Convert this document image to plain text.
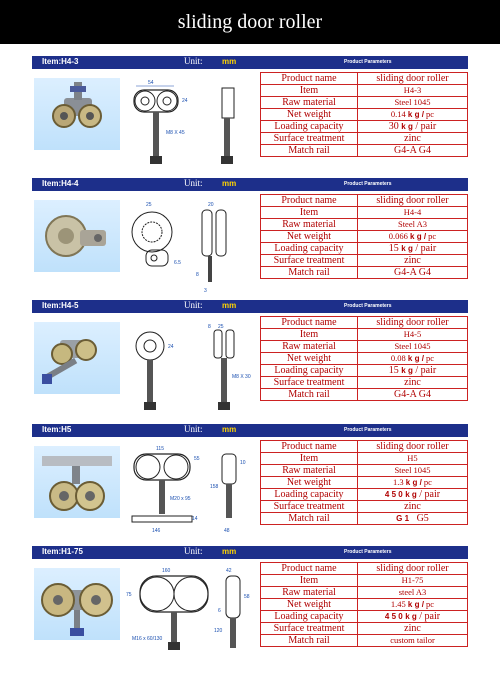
sliding door roller
Item:H4-3	Unit: mm	Product Parameters
54
24
M8 X 45
Product name	sliding door roller
Item	H4-3
Raw material	Steel 1045
Net weight	0.14 k g / pc
Loading capacity	30 k g / pair
Surface treatment	zinc
Match rail	G4-A G4
Item:H4-4	Unit: mm	Product Parameters
25
6.5
20
8
3
Product name	sliding door roller
Item	H4-4
Raw material	Steel A3
Net weight	0.066 k g / pc
Loading capacity	15 k g / pair
Surface treatment	zinc
Match rail	G4-A G4
Item:H4-5	Unit: mm	Product Parameters
24
25
8
M8 X 30
Product name	sliding door roller
Item	H4-5
Raw material	Steel 1045
Net weight	0.08 k g / pc
Loading capacity	15 k g / pair
Surface treatment	zinc
Match rail	G4-A G4
Item:H5	Unit: mm	Product Parameters
115
55
M20 x 95
14
146
158
10
48
Product name	sliding door roller
Item	H5
Raw material	Steel 1045
Net weight	1.3 k g / pc
Loading capacity	4 5 0 k g / pair
Surface treatment	zinc
Match rail	G 1 G5
Item:H1-75	Unit: mm	Product Parameters
160
75
M16 x 60/130
42
58
120
6
Product name	sliding door roller
Item	H1-75
Raw material	steel A3
Net weight	1.45 k g / pc
Loading capacity	4 5 0 k g / pair
Surface treatment	zinc
Match rail	custom tailor
